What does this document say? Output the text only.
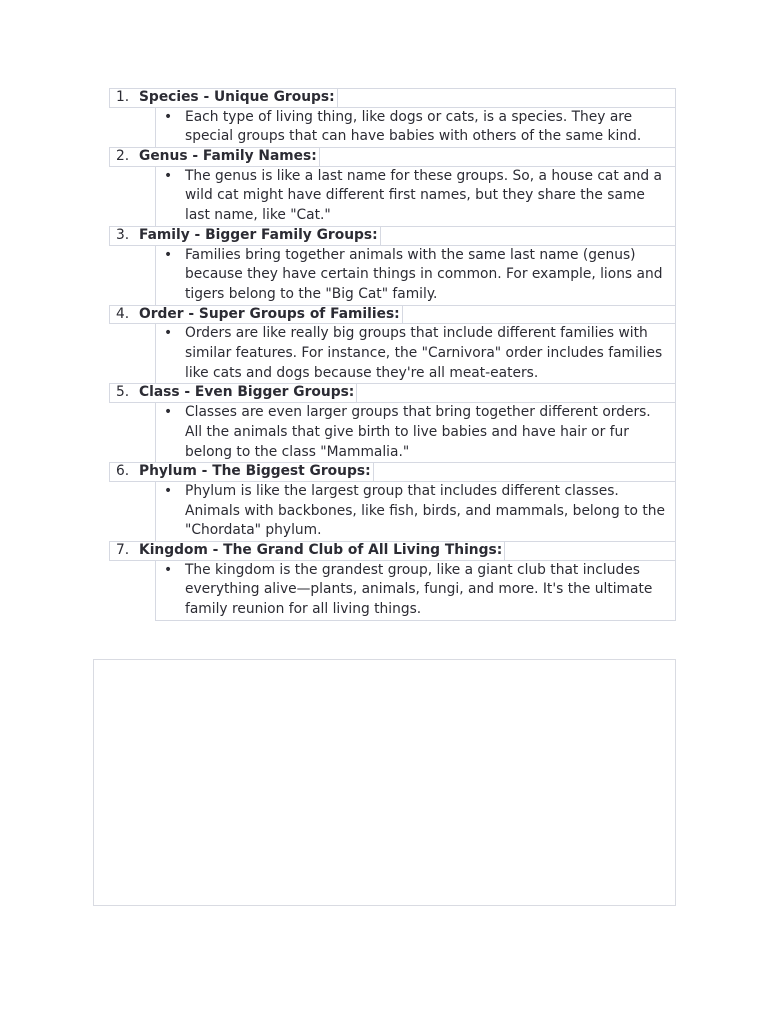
1. Species - Unique Groups:
• Each type of living thing, like dogs or cats, is a species. They are special groups that can have babies with others of the same kind.
2. Genus - Family Names:
• The genus is like a last name for these groups. So, a house cat and a wild cat might have different first names, but they share the same last name, like "Cat."
3. Family - Bigger Family Groups:
• Families bring together animals with the same last name (genus) because they have certain things in common. For example, lions and tigers belong to the "Big Cat" family.
4. Order - Super Groups of Families:
• Orders are like really big groups that include different families with similar features. For instance, the "Carnivora" order includes families like cats and dogs because they're all meat-eaters.
5. Class - Even Bigger Groups:
• Classes are even larger groups that bring together different orders. All the animals that give birth to live babies and have hair or fur belong to the class "Mammalia."
6. Phylum - The Biggest Groups:
• Phylum is like the largest group that includes different classes. Animals with backbones, like fish, birds, and mammals, belong to the "Chordata" phylum.
7. Kingdom - The Grand Club of All Living Things:
• The kingdom is the grandest group, like a giant club that includes everything alive—plants, animals, fungi, and more. It's the ultimate family reunion for all living things.
